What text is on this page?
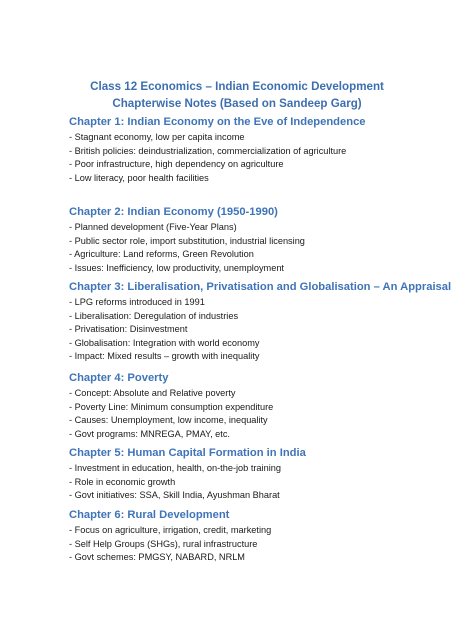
Class 12 Economics – Indian Economic Development
Chapterwise Notes (Based on Sandeep Garg)
Chapter 1: Indian Economy on the Eve of Independence
- Stagnant economy, low per capita income
- British policies: deindustrialization, commercialization of agriculture
- Poor infrastructure, high dependency on agriculture
- Low literacy, poor health facilities
Chapter 2: Indian Economy (1950-1990)
- Planned development (Five-Year Plans)
- Public sector role, import substitution, industrial licensing
- Agriculture: Land reforms, Green Revolution
- Issues: Inefficiency, low productivity, unemployment
Chapter 3: Liberalisation, Privatisation and Globalisation – An Appraisal
- LPG reforms introduced in 1991
- Liberalisation: Deregulation of industries
- Privatisation: Disinvestment
- Globalisation: Integration with world economy
- Impact: Mixed results – growth with inequality
Chapter 4: Poverty
- Concept: Absolute and Relative poverty
- Poverty Line: Minimum consumption expenditure
- Causes: Unemployment, low income, inequality
- Govt programs: MNREGA, PMAY, etc.
Chapter 5: Human Capital Formation in India
- Investment in education, health, on-the-job training
- Role in economic growth
- Govt initiatives: SSA, Skill India, Ayushman Bharat
Chapter 6: Rural Development
- Focus on agriculture, irrigation, credit, marketing
- Self Help Groups (SHGs), rural infrastructure
- Govt schemes: PMGSY, NABARD, NRLM
